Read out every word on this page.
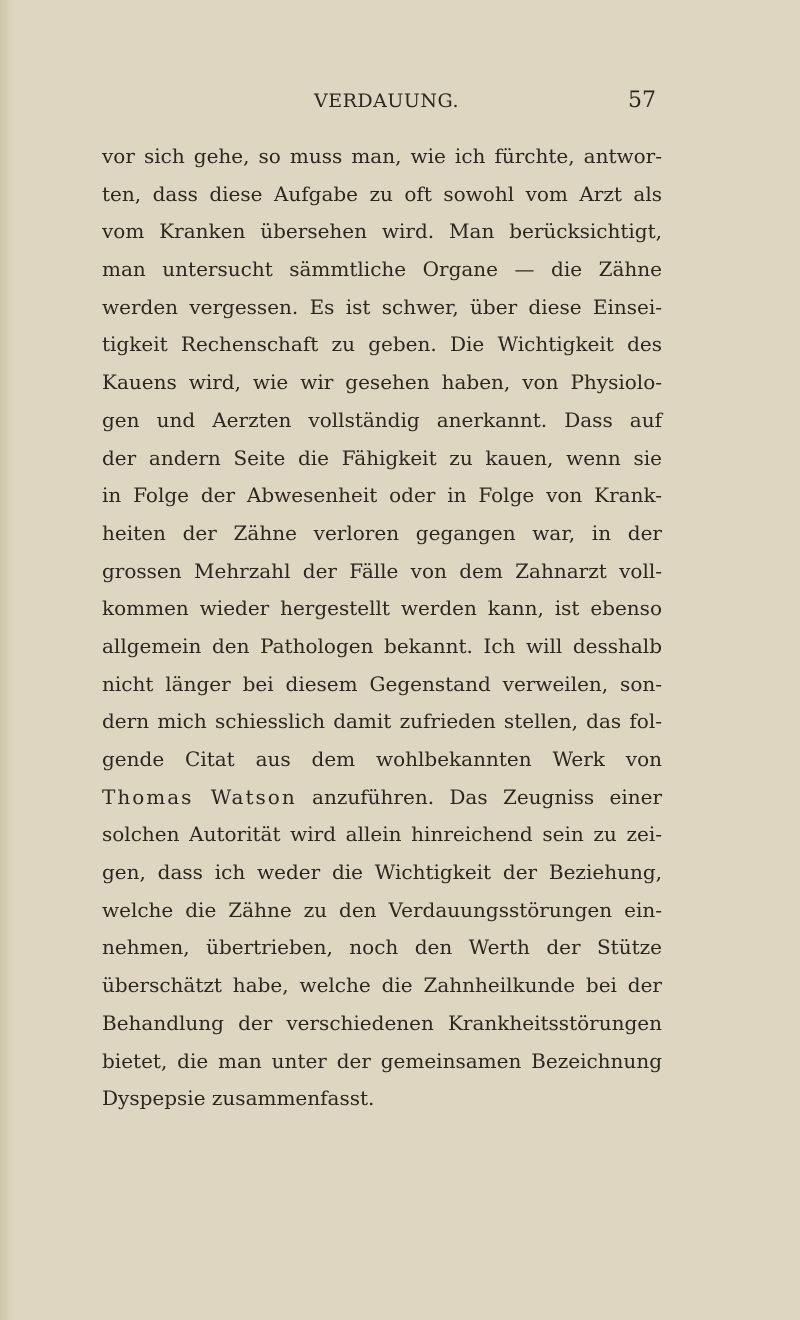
VERDAUUNG.	57
vor sich gehe, so muss man, wie ich fürchte, antwor-
ten, dass diese Aufgabe zu oft sowohl vom Arzt als
vom Kranken übersehen wird. Man berücksichtigt,
man untersucht sämmtliche Organe — die Zähne
werden vergessen. Es ist schwer, über diese Einsei-
tigkeit Rechenschaft zu geben. Die Wichtigkeit des
Kauens wird, wie wir gesehen haben, von Physiolo-
gen und Aerzten vollständig anerkannt. Dass auf
der andern Seite die Fähigkeit zu kauen, wenn sie
in Folge der Abwesenheit oder in Folge von Krank-
heiten der Zähne verloren gegangen war, in der
grossen Mehrzahl der Fälle von dem Zahnarzt voll-
kommen wieder hergestellt werden kann, ist ebenso
allgemein den Pathologen bekannt. Ich will desshalb
nicht länger bei diesem Gegenstand verweilen, son-
dern mich schiesslich damit zufrieden stellen, das fol-
gende Citat aus dem wohlbekannten Werk von
Thomas Watson anzuführen. Das Zeugniss einer
solchen Autorität wird allein hinreichend sein zu zei-
gen, dass ich weder die Wichtigkeit der Beziehung,
welche die Zähne zu den Verdauungsstörungen ein-
nehmen, übertrieben, noch den Werth der Stütze
überschätzt habe, welche die Zahnheilkunde bei der
Behandlung der verschiedenen Krankheitsstörungen
bietet, die man unter der gemeinsamen Bezeichnung
Dyspepsie zusammenfasst.
